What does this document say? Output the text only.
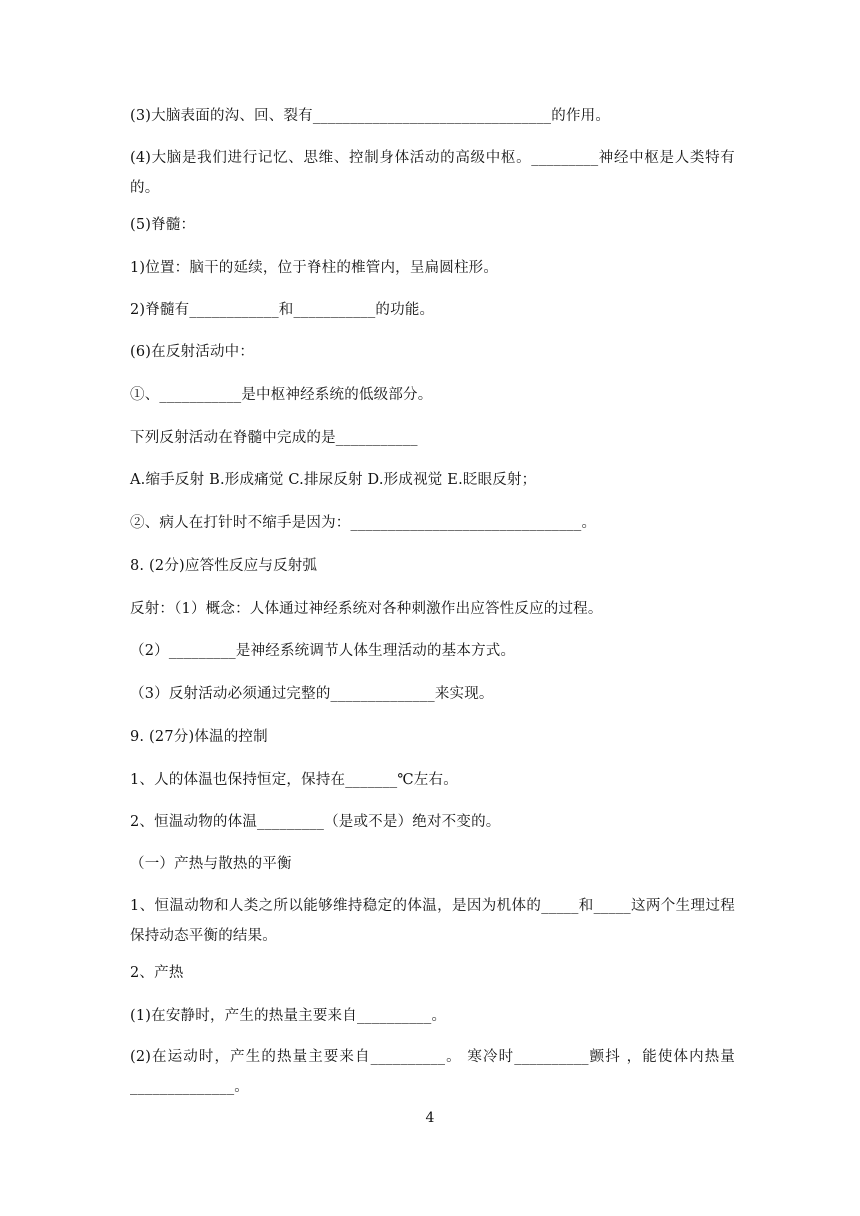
(3)大脑表面的沟、回、裂有________________________________的作用。
(4)大脑是我们进行记忆、思维、控制身体活动的高级中枢。_________神经中枢是人类特有的。
(5)脊髓：
1)位置：脑干的延续，位于脊柱的椎管内，呈扁圆柱形。
2)脊髓有____________和___________的功能。
(6)在反射活动中：
①、___________是中枢神经系统的低级部分。
下列反射活动在脊髓中完成的是___________
A.缩手反射 B.形成痛觉 C.排尿反射 D.形成视觉 E.眨眼反射；
②、病人在打针时不缩手是因为：_______________________________。
8. (2分)应答性反应与反射弧
反射：（1）概念：人体通过神经系统对各种刺激作出应答性反应的过程。
（2）_________是神经系统调节人体生理活动的基本方式。
（3）反射活动必须通过完整的______________来实现。
9. (27分)体温的控制
1、人的体温也保持恒定，保持在_______℃左右。
2、恒温动物的体温_________（是或不是）绝对不变的。
（一）产热与散热的平衡
1、恒温动物和人类之所以能够维持稳定的体温，是因为机体的_____和_____这两个生理过程保持动态平衡的结果。
2、产热
(1)在安静时，产生的热量主要来自__________。
(2)在运动时，产生的热量主要来自__________。 寒冷时__________颤抖 ，能使体内热量______________。
4
